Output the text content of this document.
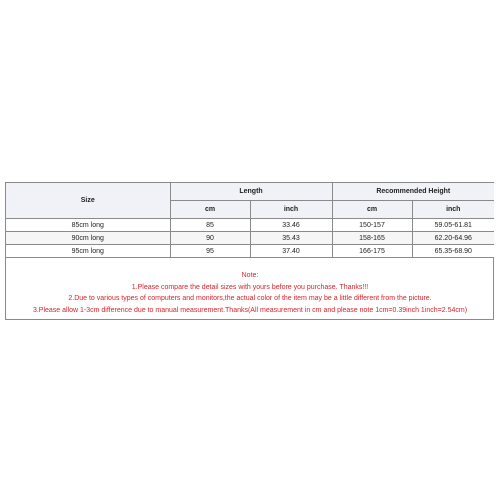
Size	Length		Recommended Height	
	cm	inch	cm	inch
85cm long	85	33.46	150-157	59.05-61.81
90cm long	90	35.43	158-165	62.20-64.96
95cm long	95	37.40	166-175	65.35-68.90
Note:
1.Please compare the detail sizes with yours before you purchase. Thanks!!!
2.Due to various types of computers and monitors,the actual color of the item may be a little different from the picture.
3.Please allow 1-3cm difference due to manual measurement.Thanks(All measurement in cm and please note 1cm=0.39inch 1inch=2.54cm)
